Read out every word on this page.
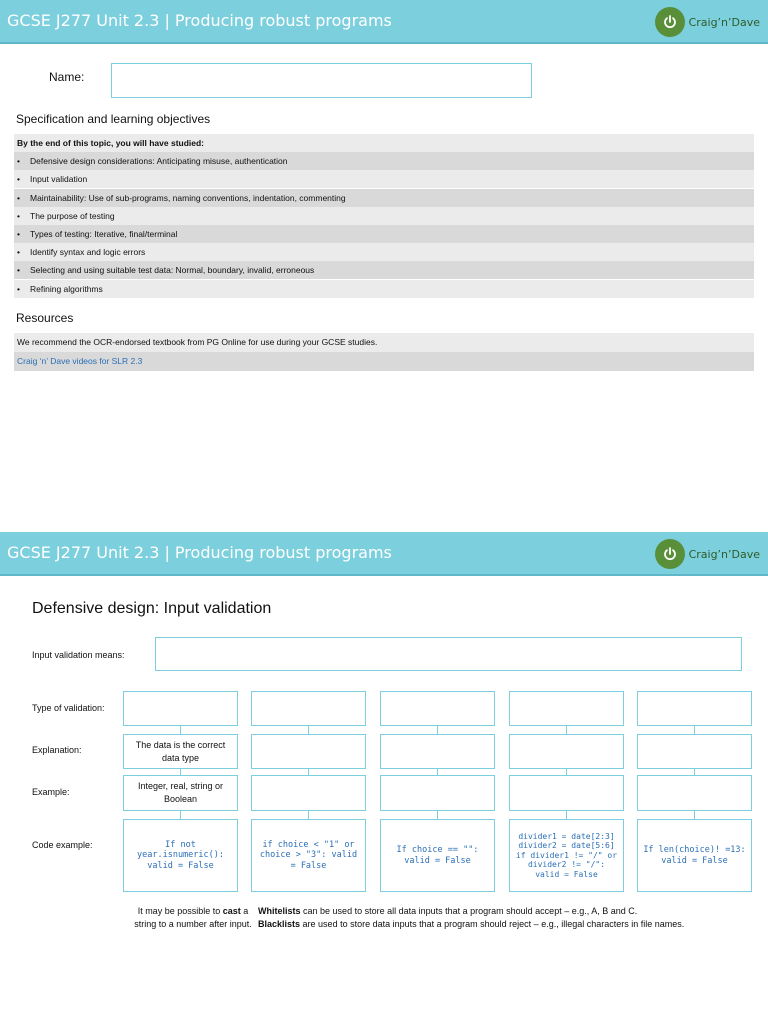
GCSE J277 Unit 2.3 | Producing robust programs	Craig’n’Dave
Name:
Specification and learning objectives
By the end of this topic, you will have studied:
• Defensive design considerations: Anticipating misuse, authentication
• Input validation
• Maintainability: Use of sub-programs, naming conventions, indentation, commenting
• The purpose of testing
• Types of testing: Iterative, final/terminal
• Identify syntax and logic errors
• Selecting and using suitable test data: Normal, boundary, invalid, erroneous
• Refining algorithms
Resources
We recommend the OCR-endorsed textbook from PG Online for use during your GCSE studies.
Craig ‘n’ Dave videos for SLR 2.3
GCSE J277 Unit 2.3 | Producing robust programs	Craig’n’Dave
Defensive design: Input validation
Input validation means:
Type of validation:
Explanation:
Example:
Code example:
The data is the correct data type
Integer, real, string or Boolean
If not year.isnumeric(): valid = False
if choice < "1" or choice > "3": valid = False
If choice == "": valid = False
divider1 = date[2:3] divider2 = date[5:6] if divider1 != "/" or divider2 != "/": valid = False
If len(choice)! =13: valid = False
It may be possible to cast a string to a number after input.
Whitelists can be used to store all data inputs that a program should accept – e.g., A, B and C.
Blacklists are used to store data inputs that a program should reject – e.g., illegal characters in file names.
